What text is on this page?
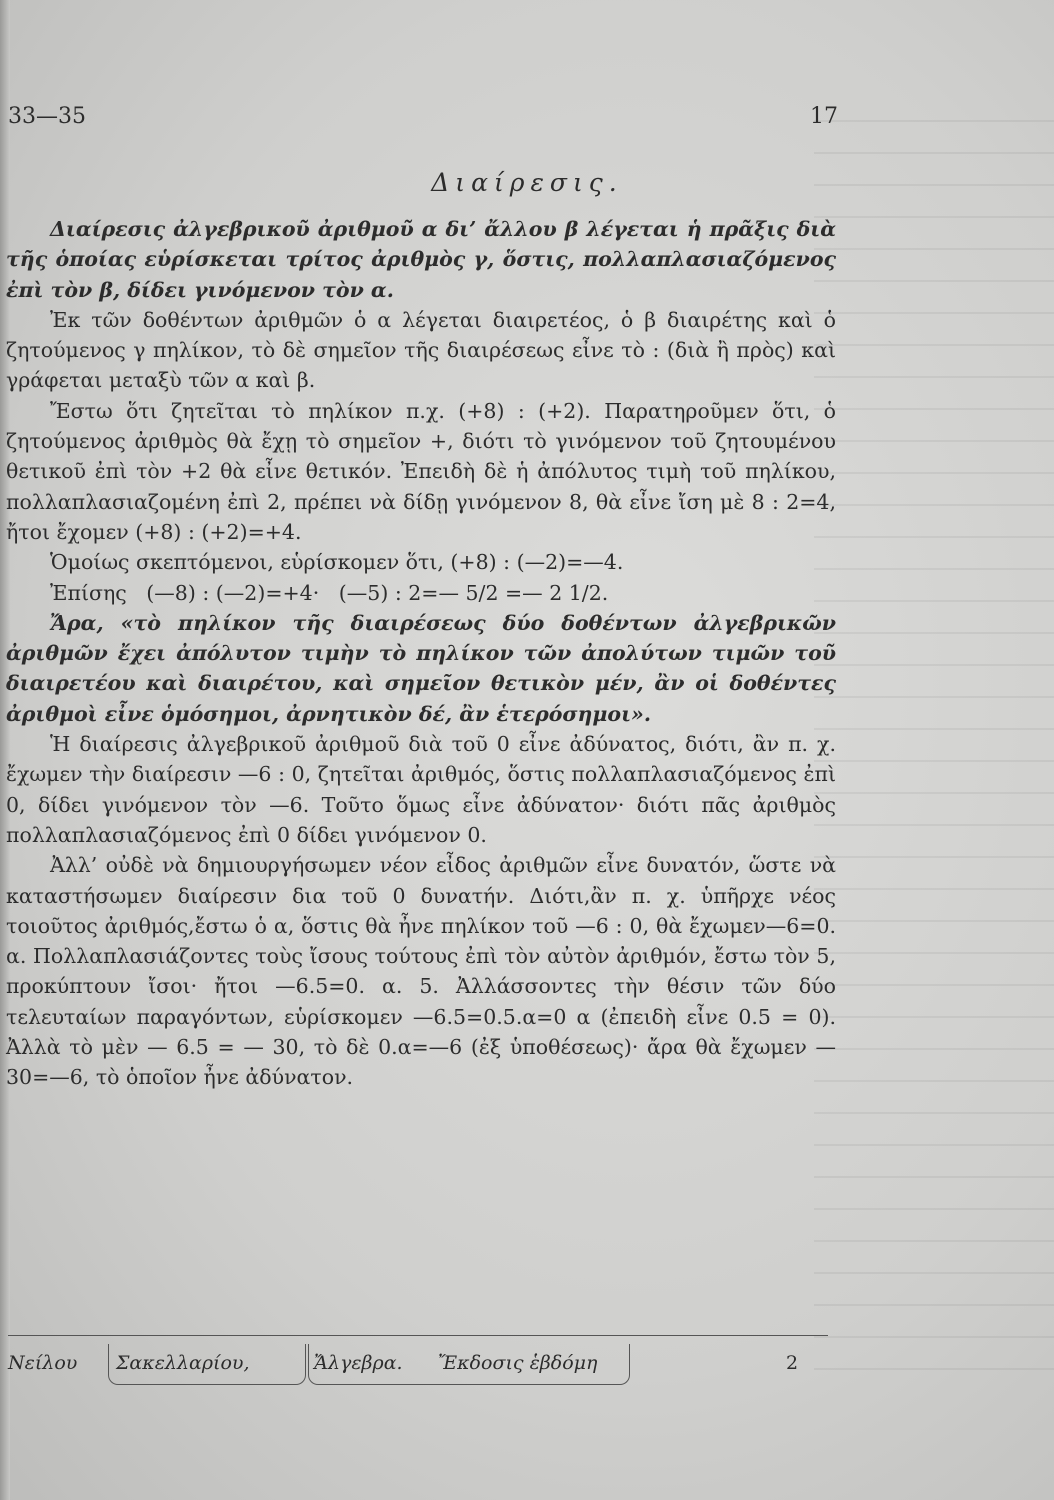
33—35	17
Διαίρεσις.

Διαίρεσις ἀλγεβρικοῦ ἀριθμοῦ α δι’ ἄλλου β λέγεται ἡ πρᾶξις διὰ τῆς ὁποίας εὑρίσκεται τρίτος ἀριθμὸς γ, ὅστις, πολλαπλασιαζόμενος ἐπὶ τὸν β, δίδει γινόμενον τὸν α.

Ἐκ τῶν δοθέντων ἀριθμῶν ὁ α λέγεται διαιρετέος, ὁ β διαιρέτης καὶ ὁ ζητούμενος γ πηλίκον, τὸ δὲ σημεῖον τῆς διαιρέσεως εἶνε τὸ : (διὰ ἢ πρὸς) καὶ γράφεται μεταξὺ τῶν α καὶ β.

Ἔστω ὅτι ζητεῖται τὸ πηλίκον π.χ. (+8) : (+2). Παρατηροῦμεν ὅτι, ὁ ζητούμενος ἀριθμὸς θὰ ἔχῃ τὸ σημεῖον +, διότι τὸ γινόμενον τοῦ ζητουμένου θετικοῦ ἐπὶ τὸν +2 θὰ εἶνε θετικόν. Ἐπειδὴ δὲ ἡ ἀπόλυτος τιμὴ τοῦ πηλίκου, πολλαπλασιαζομένη ἐπὶ 2, πρέπει νὰ δίδῃ γινόμενον 8, θὰ εἶνε ἴση μὲ 8 : 2=4, ἤτοι ἔχομεν (+8) : (+2)=+4.

Ὁμοίως σκεπτόμενοι, εὑρίσκομεν ὅτι, (+8) : (—2)=—4.

Ἐπίσης   (—8) : (—2)=+4·   (—5) : 2=— 5/2 =— 2 1/2.

Ἄρα, «τὸ πηλίκον τῆς διαιρέσεως δύο δοθέντων ἀλγεβρικῶν ἀριθμῶν ἔχει ἀπόλυτον τιμὴν τὸ πηλίκον τῶν ἀπολύτων τιμῶν τοῦ διαιρετέου καὶ διαιρέτου, καὶ σημεῖον θετικὸν μέν, ἂν οἱ δοθέντες ἀριθμοὶ εἶνε ὁμόσημοι, ἀρνητικὸν δέ, ἂν ἑτερόσημοι».

Ἡ διαίρεσις ἀλγεβρικοῦ ἀριθμοῦ διὰ τοῦ 0 εἶνε ἀδύνατος, διότι, ἂν π. χ. ἔχωμεν τὴν διαίρεσιν —6 : 0, ζητεῖται ἀριθμός, ὅστις πολλαπλασιαζόμενος ἐπὶ 0, δίδει γινόμενον τὸν —6. Τοῦτο ὅμως εἶνε ἀδύνατον· διότι πᾶς ἀριθμὸς πολλαπλασιαζόμενος ἐπὶ 0 δίδει γινόμενον 0.

Ἀλλ’ οὐδὲ νὰ δημιουργήσωμεν νέον εἶδος ἀριθμῶν εἶνε δυνατόν, ὥστε νὰ καταστήσωμεν διαίρεσιν δια τοῦ 0 δυνατήν. Διότι,ἂν π. χ. ὑπῆρχε νέος τοιοῦτος ἀριθμός,ἔστω ὁ α, ὅστις θὰ ἦνε πηλίκον τοῦ —6 : 0, θὰ ἔχωμεν—6=0. α. Πολλαπλασιάζοντες τοὺς ἴσους τούτους ἐπὶ τὸν αὐτὸν ἀριθμόν, ἔστω τὸν 5, προκύπτουν ἴσοι· ἤτοι —6.5=0. α. 5. Ἀλλάσσοντες τὴν θέσιν τῶν δύο τελευταίων παραγόντων, εὑρίσκομεν —6.5=0.5.α=0 α (ἐπειδὴ εἶνε 0.5 = 0). Ἀλλὰ τὸ μὲν — 6.5 = — 30, τὸ δὲ 0.α=—6 (ἐξ ὑποθέσεως)· ἄρα θὰ ἔχωμεν —30=—6, τὸ ὁποῖον ἦνε ἀδύνατον.

Νείλου Σακελλαρίου,	Ἄλγεβρα. Ἔκδοσις ἑβδόμη	2
